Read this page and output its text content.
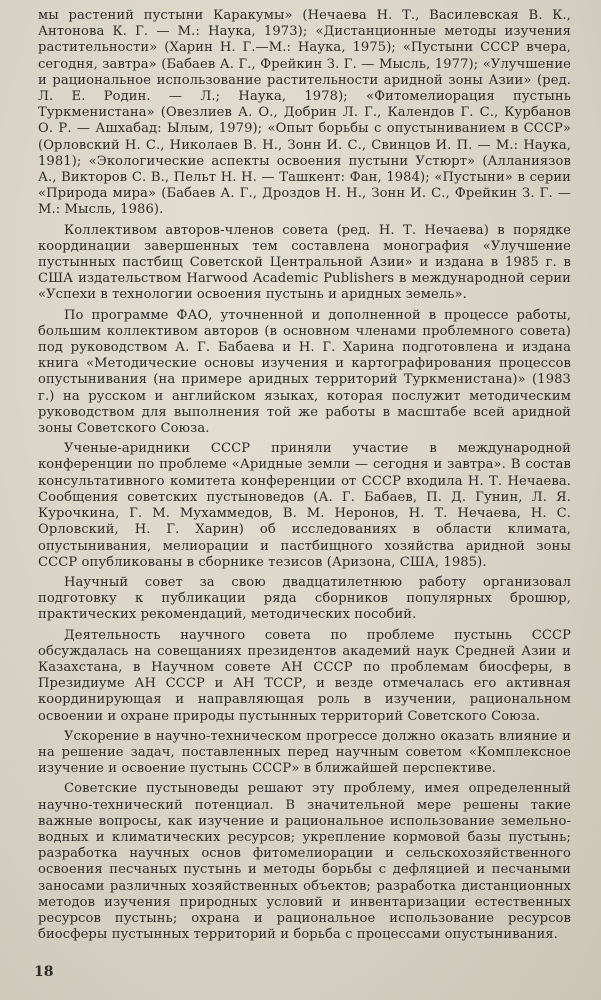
мы растений пустыни Каракумы» (Нечаева Н. Т., Василевская В. К., Антонова К. Г. — М.: Наука, 1973); «Дистанционные методы изучения растительности» (Харин Н. Г.—М.: Наука, 1975); «Пустыни СССР вчера, сегодня, завтра» (Бабаев А. Г., Фрейкин З. Г. — Мысль, 1977); «Улучшение и рациональное использование растительности аридной зоны Азии» (ред. Л. Е. Родин. — Л.; Наука, 1978); «Фитомелиорация пустынь Туркменистана» (Овезлиев А. О., Добрин Л. Г., Календов Г. С., Курбанов О. Р. — Ашхабад: Ылым, 1979); «Опыт борьбы с опустыниванием в СССР» (Орловский Н. С., Николаев В. Н., Зонн И. С., Свинцов И. П. — М.: Наука, 1981); «Экологические аспекты освоения пустыни Устюрт» (Алланиязов А., Викторов С. В., Пельт Н. Н. — Ташкент: Фан, 1984); «Пустыни» в серии «Природа мира» (Бабаев А. Г., Дроздов Н. Н., Зонн И. С., Фрейкин З. Г. — М.: Мысль, 1986).

Коллективом авторов-членов совета (ред. Н. Т. Нечаева) в порядке координации завершенных тем составлена монография «Улучшение пустынных пастбищ Советской Центральной Азии» и издана в 1985 г. в США издательством Harwood Academic Publishers в международной серии «Успехи в технологии освоения пустынь и аридных земель».

По программе ФАО, уточненной и дополненной в процессе работы, большим коллективом авторов (в основном членами проблемного совета) под руководством А. Г. Бабаева и Н. Г. Харина подготовлена и издана книга «Методические основы изучения и картографирования процессов опустынивания (на примере аридных территорий Туркменистана)» (1983 г.) на русском и английском языках, которая послужит методическим руководством для выполнения той же работы в масштабе всей аридной зоны Советского Союза.

Ученые-аридники СССР приняли участие в международной конференции по проблеме «Аридные земли — сегодня и завтра». В состав консультативного комитета конференции от СССР входила Н. Т. Нечаева. Сообщения советских пустыноведов (А. Г. Бабаев, П. Д. Гунин, Л. Я. Курочкина, Г. М. Мухаммедов, В. М. Неронов, Н. Т. Нечаева, Н. С. Орловский, Н. Г. Харин) об исследованиях в области климата, опустынивания, мелиорации и пастбищного хозяйства аридной зоны СССР опубликованы в сборнике тезисов (Аризона, США, 1985).

Научный совет за свою двадцатилетнюю работу организовал подготовку к публикации ряда сборников популярных брошюр, практических рекомендаций, методических пособий.

Деятельность научного совета по проблеме пустынь СССР обсуждалась на совещаниях президентов академий наук Средней Азии и Казахстана, в Научном совете АН СССР по проблемам биосферы, в Президиуме АН СССР и АН ТССР, и везде отмечалась его активная координирующая и направляющая роль в изучении, рациональном освоении и охране природы пустынных территорий Советского Союза.

Ускорение в научно-техническом прогрессе должно оказать влияние и на решение задач, поставленных перед научным советом «Комплексное изучение и освоение пустынь СССР» в ближайшей перспективе.

Советские пустыноведы решают эту проблему, имея определенный научно-технический потенциал. В значительной мере решены такие важные вопросы, как изучение и рациональное использование земельно-водных и климатических ресурсов; укрепление кормовой базы пустынь; разработка научных основ фитомелиорации и сельскохозяйственного освоения песчаных пустынь и методы борьбы с дефляцией и песчаными заносами различных хозяйственных объектов; разработка дистанционных методов изучения природных условий и инвентаризации естественных ресурсов пустынь; охрана и рациональное использование ресурсов биосферы пустынных территорий и борьба с процессами опустынивания.

18
